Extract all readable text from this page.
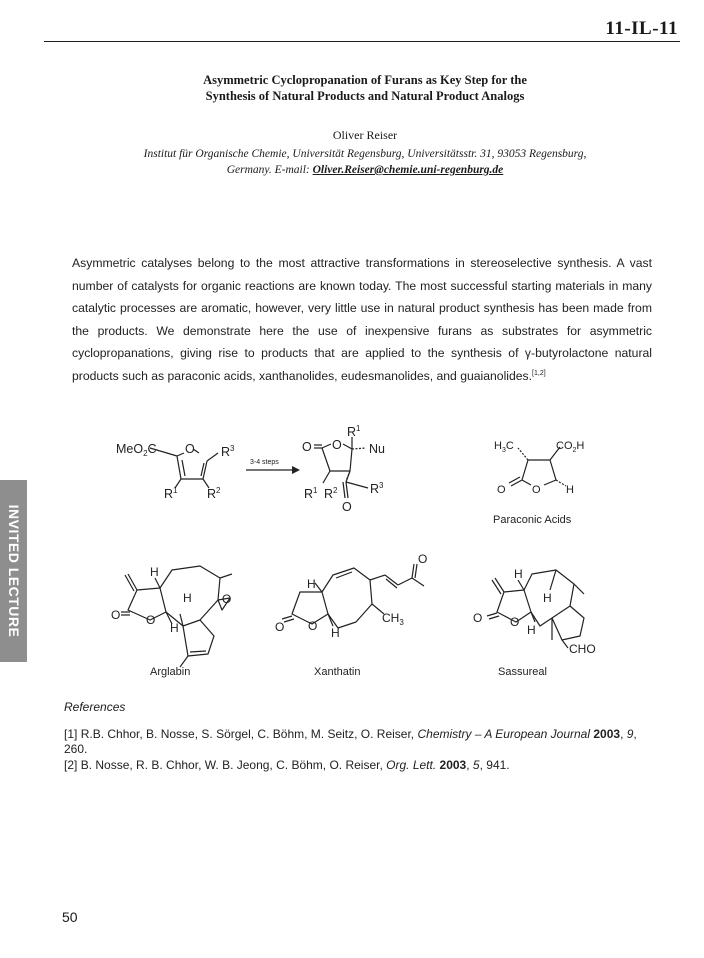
11-IL-11
Asymmetric Cyclopropanation of Furans as Key Step for the
Synthesis of Natural Products and Natural Product Analogs
Oliver Reiser
Institut für Organische Chemie, Universität Regensburg, Universitätsstr. 31, 93053 Regensburg,
Germany. E-mail: Oliver.Reiser@chemie.uni-regenburg.de
Asymmetric catalyses belong to the most attractive transformations in stereoselective synthesis. A vast number of catalysts for organic reactions are known today. The most successful starting materials in many catalytic processes are aromatic, however, very little use in natural product synthesis has been made from the products. We demonstrate here the use of inexpensive furans as substrates for asymmetric cyclopropanations, giving rise to products that are applied to the synthesis of γ-butyrolactone natural products such as paraconic acids, xanthanolides, eudesmanolides, and guaianolides.[1,2]
INVITED LECTURE
MeO$_2$C O $R^3$
$R^1$ $R^2$
3-4 steps
O O
$R^1$
Nu
$R^1$ $R^2$	$R^3$
O
$H_3C$	$CO_2H$
O O H
Paraconic Acids
H
H
H
O O
O
Arglabin
H
H
O O
O
$CH_3$
Xanthatin
H
H
H
O O
CHO
Sassureal
References
[1] R.B. Chhor, B. Nosse, S. Sörgel, C. Böhm, M. Seitz, O. Reiser, Chemistry – A European Journal 2003, 9, 260.
[2] B. Nosse, R. B. Chhor, W. B. Jeong, C. Böhm, O. Reiser, Org. Lett. 2003, 5, 941.
50
